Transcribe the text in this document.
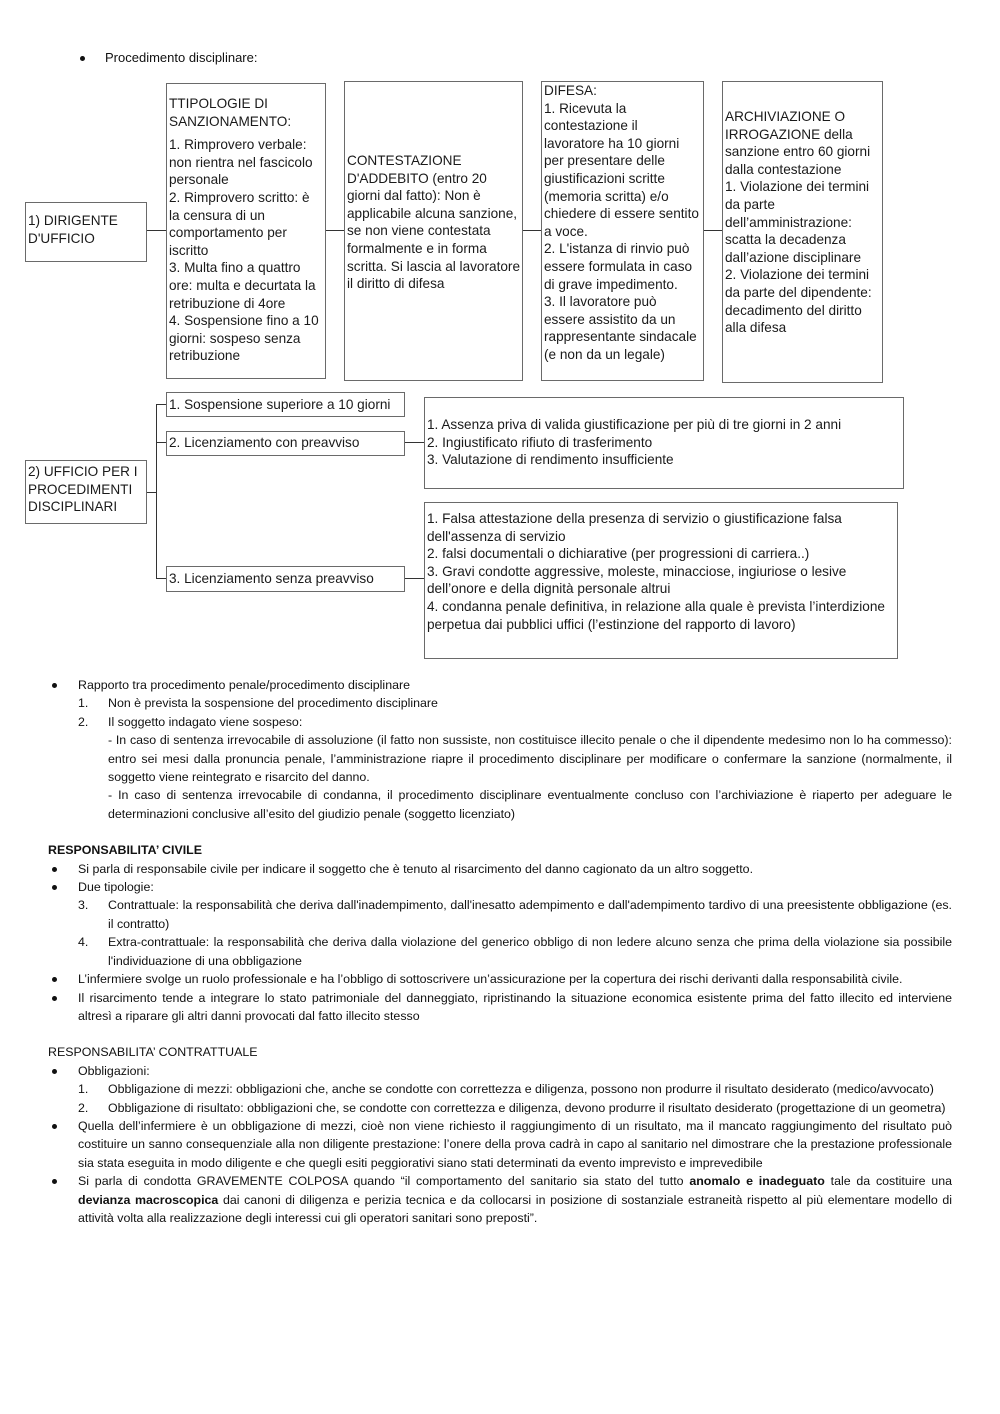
Procedimento disciplinare:
1) DIRIGENTE D'UFFICIO
TTIPOLOGIE DI SANZIONAMENTO:
1. Rimprovero verbale: non rientra nel fascicolo personale
2. Rimprovero scritto: è la censura di un comportamento per iscritto
3. Multa fino a quattro ore: multa e decurtata la retribuzione di 4ore
4. Sospensione fino a 10 giorni: sospeso senza retribuzione
CONTESTAZIONE D'ADDEBITO (entro 20 giorni dal fatto): Non è applicabile alcuna sanzione, se non viene contestata formalmente e in forma scritta. Si lascia al lavoratore il diritto di difesa
DIFESA:
1. Ricevuta la contestazione il lavoratore ha 10 giorni per presentare delle giustificazioni scritte (memoria scritta) e/o chiedere di essere sentito a voce.
2. L'istanza di rinvio può essere formulata in caso di grave impedimento.
3. Il lavoratore può essere assistito da un rappresentante sindacale (e non da un legale)
ARCHIVIAZIONE O IRROGAZIONE della sanzione entro 60 giorni dalla contestazione
1. Violazione dei termini da parte dell’amministrazione: scatta la decadenza dall’azione disciplinare
2. Violazione dei termini da parte del dipendente: decadimento del diritto alla difesa
2) UFFICIO PER I PROCEDIMENTI DISCIPLINARI
1. Sospensione superiore a 10 giorni
2. Licenziamento con preavviso
3. Licenziamento senza preavviso
1. Assenza priva di valida giustificazione per più di tre giorni in 2 anni
2. Ingiustificato rifiuto di trasferimento
3. Valutazione di rendimento insufficiente
1. Falsa attestazione della presenza di servizio o giustificazione falsa dell'assenza di servizio
2. falsi documentali o dichiarative (per progressioni di carriera..)
3. Gravi condotte aggressive, moleste, minacciose, ingiuriose o lesive dell’onore e della dignità personale altrui
4. condanna penale definitiva, in relazione alla quale è prevista l’interdizione perpetua dai pubblici uffici (l’estinzione del rapporto di lavoro)
Rapporto tra procedimento penale/procedimento disciplinare
1. Non è prevista la sospensione del procedimento disciplinare
2. Il soggetto indagato viene sospeso:
- In caso di sentenza irrevocabile di assoluzione (il fatto non sussiste, non costituisce illecito penale o che il dipendente medesimo non lo ha commesso): entro sei mesi dalla pronuncia penale, l’amministrazione riapre il procedimento disciplinare per modificare o confermare la sanzione (normalmente, il soggetto viene reintegrato e risarcito del danno.
- In caso di sentenza irrevocabile di condanna, il procedimento disciplinare eventualmente concluso con l’archiviazione è riaperto per adeguare le determinazioni conclusive all’esito del giudizio penale (soggetto licenziato)
RESPONSABILITA’ CIVILE
Si parla di responsabile civile per indicare il soggetto che è tenuto al risarcimento del danno cagionato da un altro soggetto.
Due tipologie:
3. Contrattuale: la responsabilità che deriva dall'inadempimento, dall'inesatto adempimento e dall'adempimento tardivo di una preesistente obbligazione (es. il contratto)
4. Extra-contrattuale: la responsabilità che deriva dalla violazione del generico obbligo di non ledere alcuno senza che prima della violazione sia possibile l'individuazione di una obbligazione
L’infermiere svolge un ruolo professionale e ha l’obbligo di sottoscrivere un’assicurazione per la copertura dei rischi derivanti dalla responsabilità civile.
Il risarcimento tende a integrare lo stato patrimoniale del danneggiato, ripristinando la situazione economica esistente prima del fatto illecito ed interviene altresì a riparare gli altri danni provocati dal fatto illecito stesso
RESPONSABILITA’ CONTRATTUALE
Obbligazioni:
1. Obbligazione di mezzi: obbligazioni che, anche se condotte con correttezza e diligenza, possono non produrre il risultato desiderato (medico/avvocato)
2. Obbligazione di risultato: obbligazioni che, se condotte con correttezza e diligenza, devono produrre il risultato desiderato (progettazione di un geometra)
Quella dell’infermiere è un obbligazione di mezzi, cioè non viene richiesto il raggiungimento di un risultato, ma il mancato raggiungimento del risultato può costituire un sanno consequenziale alla non diligente prestazione: l’onere della prova cadrà in capo al sanitario nel dimostrare che la prestazione professionale sia stata eseguita in modo diligente e che quegli esiti peggiorativi siano stati determinati da evento imprevisto e imprevedibile
Si parla di condotta GRAVEMENTE COLPOSA quando “il comportamento del sanitario sia stato del tutto anomalo e inadeguato tale da costituire una devianza macroscopica dai canoni di diligenza e perizia tecnica e da collocarsi in posizione di sostanziale estraneità rispetto al più elementare modello di attività volta alla realizzazione degli interessi cui gli operatori sanitari sono preposti”.
